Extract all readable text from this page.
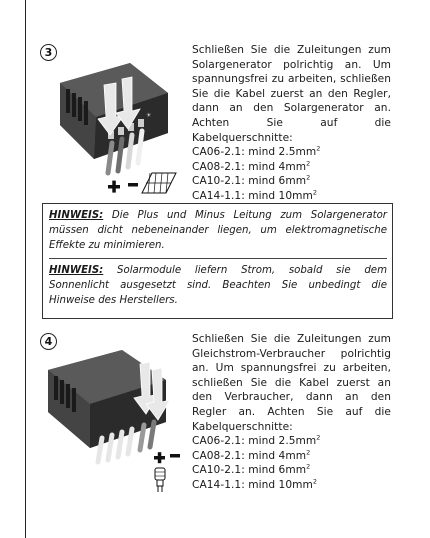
3
☀
Schließen Sie die Zuleitungen zum Solargenerator polrichtig an. Um spannungsfrei zu arbeiten, schließen Sie die Kabel zuerst an den Regler, dann an den Solargenerator an. Achten Sie auf die Kabelquerschnitte:
CA06-2.1: mind $2.5mm^2$
CA08-2.1: mind $4mm^2$
CA10-2.1: mind $6mm^2$
CA14-1.1: mind $10mm^2$
HINWEIS: Die Plus und Minus Leitung zum Solargenerator müssen dicht nebeneinander liegen, um elektromagnetische Effekte zu minimieren.
HINWEIS: Solarmodule liefern Strom, sobald sie dem Sonnenlicht ausgesetzt sind. Beachten Sie unbedingt die Hinweise des Herstellers.
4	Schließen Sie die Zuleitungen zum Gleichstrom-Verbraucher polrichtig an. Um spannungsfrei zu arbeiten, schließen Sie die Kabel zuerst an den Verbraucher, dann an den Regler an. Achten Sie auf die Kabelquerschnitte:
CA06-2.1: mind $2.5mm^2$
CA08-2.1: mind $4mm^2$
CA10-2.1: mind $6mm^2$
CA14-1.1: mind $10mm^2$
